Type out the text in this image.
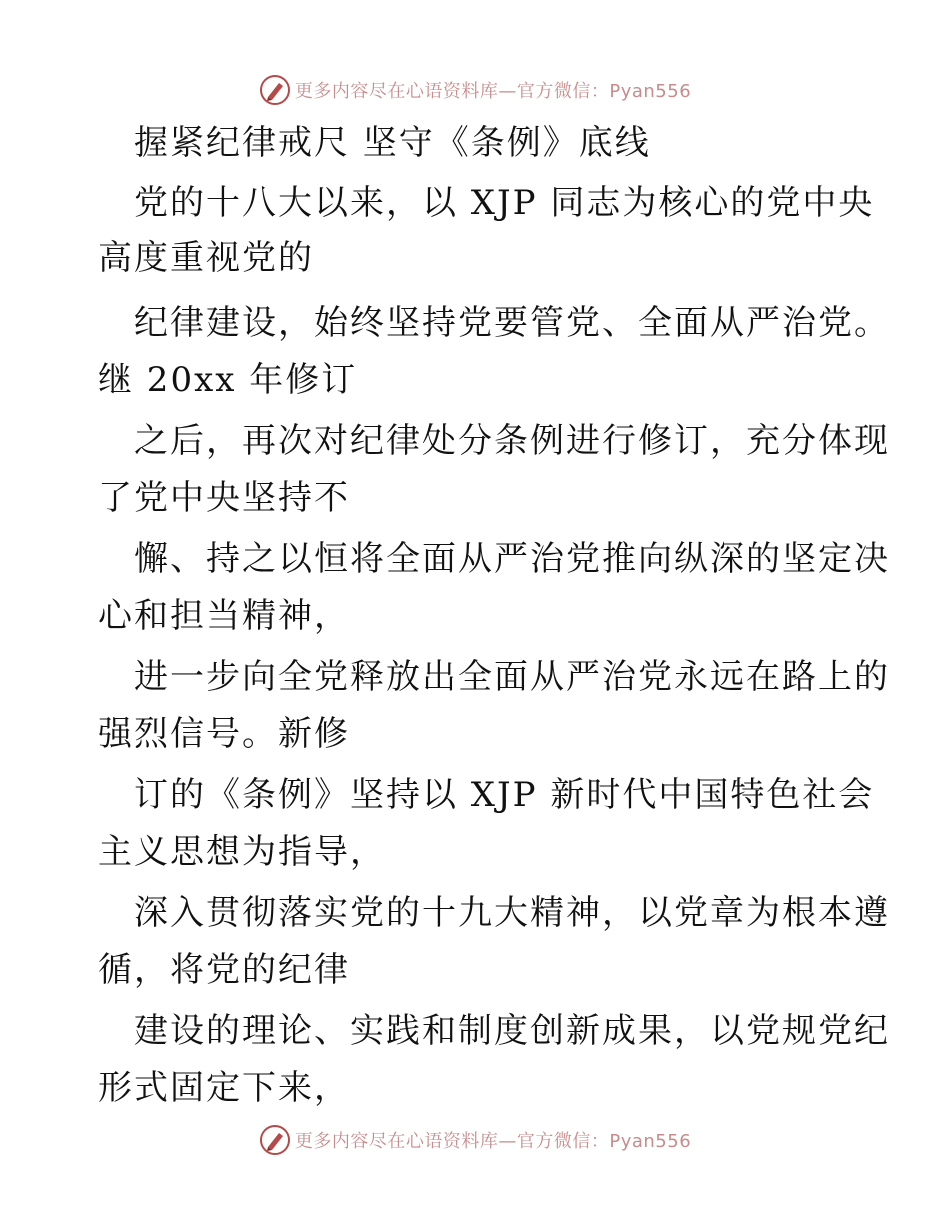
更多内容尽在心语资料库—官方微信：Pyan556
握紧纪律戒尺 坚守《条例》底线
党的十八大以来，以 XJP 同志为核心的党中央
高度重视党的
纪律建设，始终坚持党要管党、全面从严治党。
继 20xx 年修订
之后，再次对纪律处分条例进行修订，充分体现
了党中央坚持不
懈、持之以恒将全面从严治党推向纵深的坚定决
心和担当精神，
进一步向全党释放出全面从严治党永远在路上的
强烈信号。新修
订的《条例》坚持以 XJP 新时代中国特色社会
主义思想为指导，
深入贯彻落实党的十九大精神，以党章为根本遵
循，将党的纪律
建设的理论、实践和制度创新成果，以党规党纪
形式固定下来，
更多内容尽在心语资料库—官方微信：Pyan556
